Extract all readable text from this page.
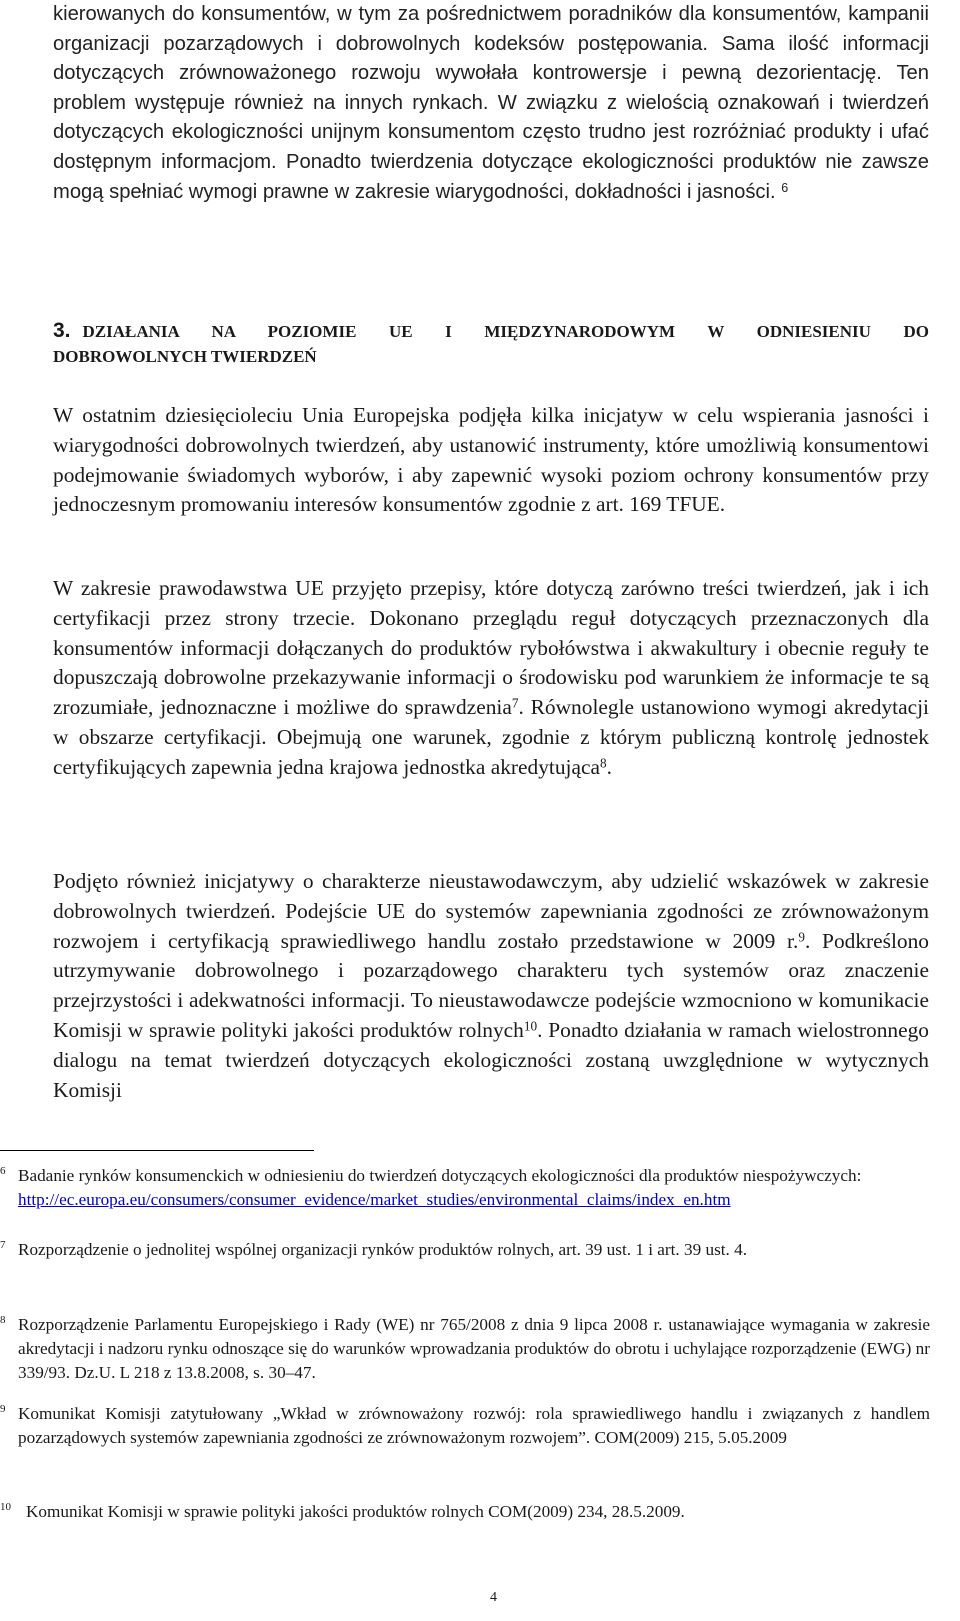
kierowanych do konsumentów, w tym za pośrednictwem poradników dla konsumentów, kampanii organizacji pozarządowych i dobrowolnych kodeksów postępowania. Sama ilość informacji dotyczących zrównoważonego rozwoju wywołała kontrowersje i pewną dezorientację. Ten problem występuje również na innych rynkach. W związku z wielością oznakowań i twierdzeń dotyczących ekologiczności unijnym konsumentom często trudno jest rozróżniać produkty i ufać dostępnym informacjom. Ponadto twierdzenia dotyczące ekologiczności produktów nie zawsze mogą spełniać wymogi prawne w zakresie wiarygodności, dokładności i jasności. $^6$

3. DZIAŁANIA NA POZIOMIE UE I MIĘDZYNARODOWYM W ODNIESIENIU DO
DOBROWOLNYCH TWIERDZEŃ

W ostatnim dziesięcioleciu Unia Europejska podjęła kilka inicjatyw w celu wspierania jasności i wiarygodności dobrowolnych twierdzeń, aby ustanowić instrumenty, które umożliwią konsumentowi podejmowanie świadomych wyborów, i aby zapewnić wysoki poziom ochrony konsumentów przy jednoczesnym promowaniu interesów konsumentów zgodnie z art. 169 TFUE.

W zakresie prawodawstwa UE przyjęto przepisy, które dotyczą zarówno treści twierdzeń, jak i ich certyfikacji przez strony trzecie. Dokonano przeglądu reguł dotyczących przeznaczonych dla konsumentów informacji dołączanych do produktów rybołówstwa i akwakultury i obecnie reguły te dopuszczają dobrowolne przekazywanie informacji o środowisku pod warunkiem że informacje te są zrozumiałe, jednoznaczne i możliwe do sprawdzenia$^7$. Równolegle ustanowiono wymogi akredytacji w obszarze certyfikacji. Obejmują one warunek, zgodnie z którym publiczną kontrolę jednostek certyfikujących zapewnia jedna krajowa jednostka akredytująca$^8$.

Podjęto również inicjatywy o charakterze nieustawodawczym, aby udzielić wskazówek w zakresie dobrowolnych twierdzeń. Podejście UE do systemów zapewniania zgodności ze zrównoważonym rozwojem i certyfikacją sprawiedliwego handlu zostało przedstawione w 2009 r.$^9$. Podkreślono utrzymywanie dobrowolnego i pozarządowego charakteru tych systemów oraz znaczenie przejrzystości i adekwatności informacji. To nieustawodawcze podejście wzmocniono w komunikacie Komisji w sprawie polityki jakości produktów rolnych$^{10}$. Ponadto działania w ramach wielostronnego dialogu na temat twierdzeń dotyczących ekologiczności zostaną uwzględnione w wytycznych Komisji

6 Badanie rynków konsumenckich w odniesieniu do twierdzeń dotyczących ekologiczności dla produktów niespożywczych:
http://ec.europa.eu/consumers/consumer_evidence/market_studies/environmental_claims/index_en.htm
7 Rozporządzenie o jednolitej wspólnej organizacji rynków produktów rolnych, art. 39 ust. 1 i art. 39 ust. 4.
8 Rozporządzenie Parlamentu Europejskiego i Rady (WE) nr 765/2008 z dnia 9 lipca 2008 r. ustanawiające wymagania w zakresie akredytacji i nadzoru rynku odnoszące się do warunków wprowadzania produktów do obrotu i uchylające rozporządzenie (EWG) nr 339/93. Dz.U. L 218 z 13.8.2008, s. 30–47.
9 Komunikat Komisji zatytułowany „Wkład w zrównoważony rozwój: rola sprawiedliwego handlu i związanych z handlem pozarządowych systemów zapewniania zgodności ze zrównoważonym rozwojem”. COM(2009) 215, 5.05.2009
10 Komunikat Komisji w sprawie polityki jakości produktów rolnych COM(2009) 234, 28.5.2009.
4
